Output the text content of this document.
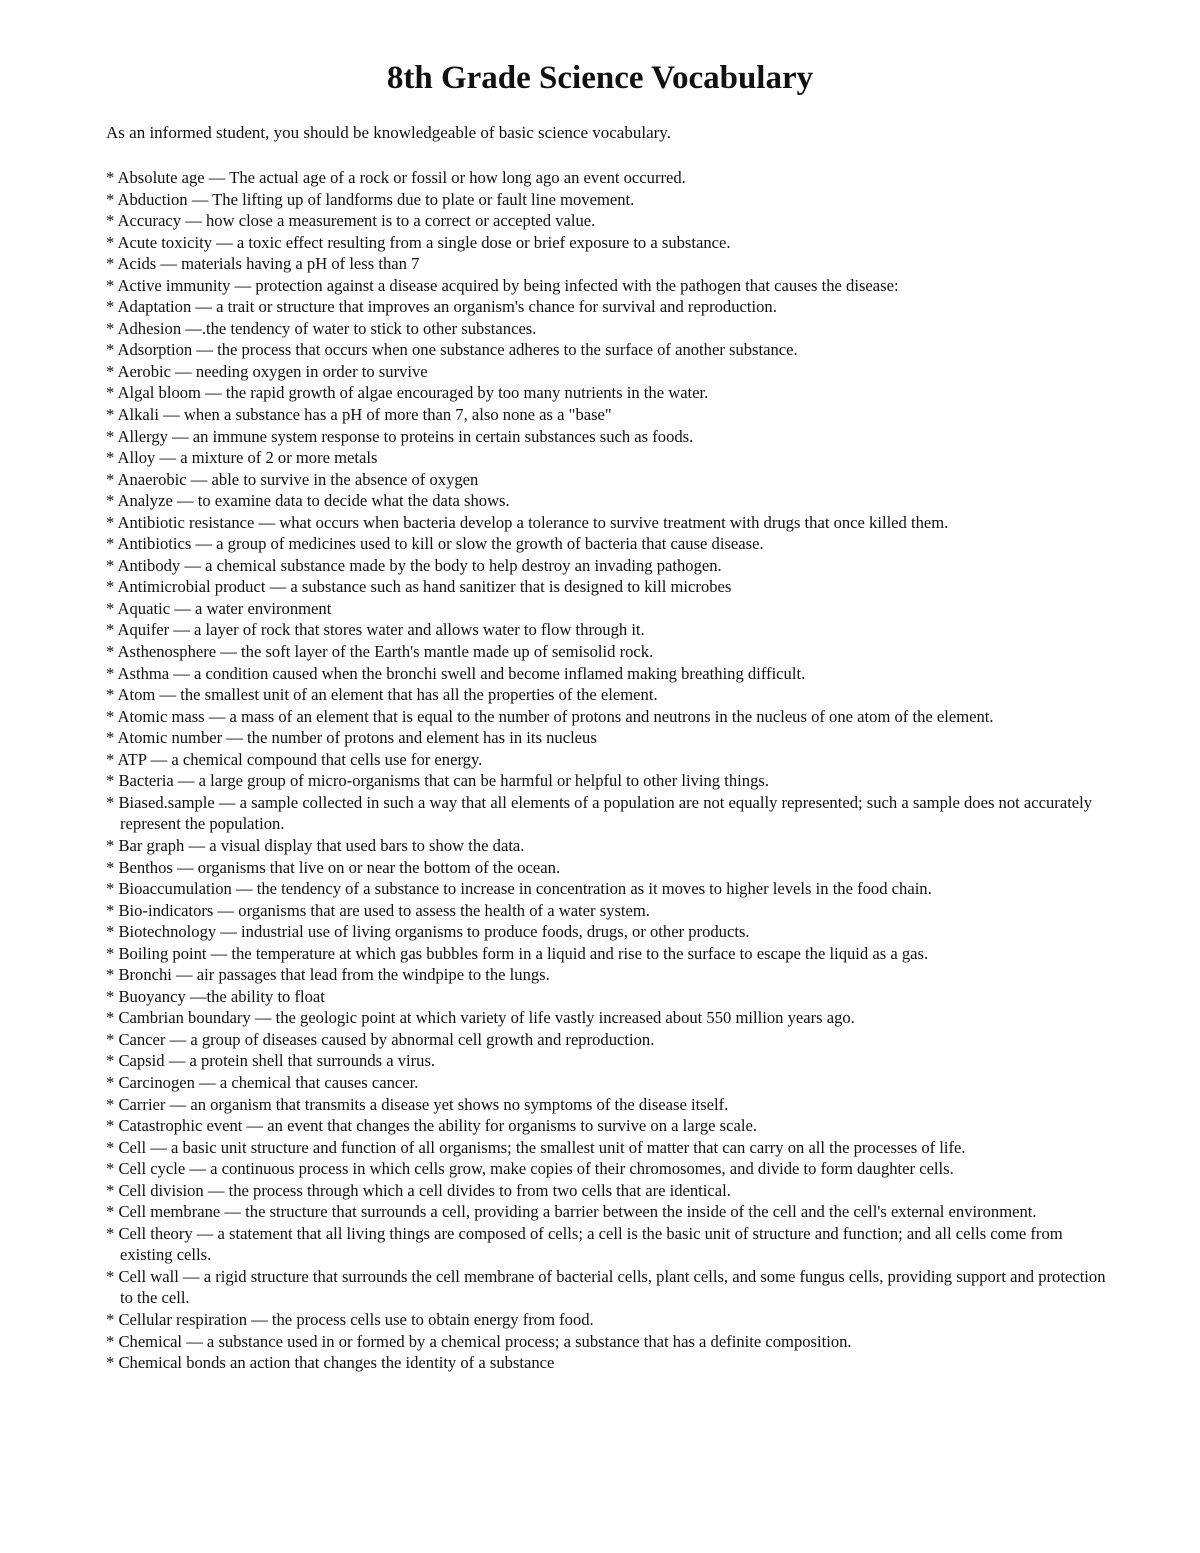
8th Grade Science Vocabulary

As an informed student, you should be knowledgeable of basic science vocabulary.

* Absolute age — The actual age of a rock or fossil or how long ago an event occurred.
* Abduction — The lifting up of landforms due to plate or fault line movement.
* Accuracy — how close a measurement is to a correct or accepted value.
* Acute toxicity — a toxic effect resulting from a single dose or brief exposure to a substance.
* Acids — materials having a pH of less than 7
* Active immunity — protection against a disease acquired by being infected with the pathogen that causes the disease:
* Adaptation — a trait or structure that improves an organism's chance for survival and reproduction.
* Adhesion —.the tendency of water to stick to other substances.
* Adsorption — the process that occurs when one substance adheres to the surface of another substance.
* Aerobic — needing oxygen in order to survive
* Algal bloom — the rapid growth of algae encouraged by too many nutrients in the water.
* Alkali — when a substance has a pH of more than 7, also none as a "base"
* Allergy — an immune system response to proteins in certain substances such as foods.
* Alloy — a mixture of 2 or more metals
* Anaerobic — able to survive in the absence of oxygen
* Analyze — to examine data to decide what the data shows.
* Antibiotic resistance — what occurs when bacteria develop a tolerance to survive treatment with drugs that once killed them.
* Antibiotics — a group of medicines used to kill or slow the growth of bacteria that cause disease.
* Antibody — a chemical substance made by the body to help destroy an invading pathogen.
* Antimicrobial product — a substance such as hand sanitizer that is designed to kill microbes
* Aquatic — a water environment
* Aquifer — a layer of rock that stores water and allows water to flow through it.
* Asthenosphere — the soft layer of the Earth's mantle made up of semisolid rock.
* Asthma — a condition caused when the bronchi swell and become inflamed making breathing difficult.
* Atom — the smallest unit of an element that has all the properties of the element.
* Atomic mass — a mass of an element that is equal to the number of protons and neutrons in the nucleus of one atom of the element.
* Atomic number — the number of protons and element has in its nucleus
* ATP — a chemical compound that cells use for energy.
* Bacteria — a large group of micro-organisms that can be harmful or helpful to other living things.
* Biased.sample — a sample collected in such a way that all elements of a population are not equally represented; such a sample does not accurately represent the population.
* Bar graph — a visual display that used bars to show the data.
* Benthos — organisms that live on or near the bottom of the ocean.
* Bioaccumulation — the tendency of a substance to increase in concentration as it moves to higher levels in the food chain.
* Bio-indicators — organisms that are used to assess the health of a water system.
* Biotechnology — industrial use of living organisms to produce foods, drugs, or other products.
* Boiling point — the temperature at which gas bubbles form in a liquid and rise to the surface to escape the liquid as a gas.
* Bronchi — air passages that lead from the windpipe to the lungs.
* Buoyancy —the ability to float
* Cambrian boundary — the geologic point at which variety of life vastly increased about 550 million years ago.
* Cancer — a group of diseases caused by abnormal cell growth and reproduction.
* Capsid — a protein shell that surrounds a virus.
* Carcinogen — a chemical that causes cancer.
* Carrier — an organism that transmits a disease yet shows no symptoms of the disease itself.
* Catastrophic event — an event that changes the ability for organisms to survive on a large scale.
* Cell — a basic unit structure and function of all organisms; the smallest unit of matter that can carry on all the processes of life.
* Cell cycle — a continuous process in which cells grow, make copies of their chromosomes, and divide to form daughter cells.
* Cell division — the process through which a cell divides to from two cells that are identical.
* Cell membrane — the structure that surrounds a cell, providing a barrier between the inside of the cell and the cell's external environment.
* Cell theory — a statement that all living things are composed of cells; a cell is the basic unit of structure and function; and all cells come from existing cells.
* Cell wall — a rigid structure that surrounds the cell membrane of bacterial cells, plant cells, and some fungus cells, providing support and protection to the cell.
* Cellular respiration — the process cells use to obtain energy from food.
* Chemical — a substance used in or formed by a chemical process; a substance that has a definite composition.
* Chemical bonds an action that changes the identity of a substance
